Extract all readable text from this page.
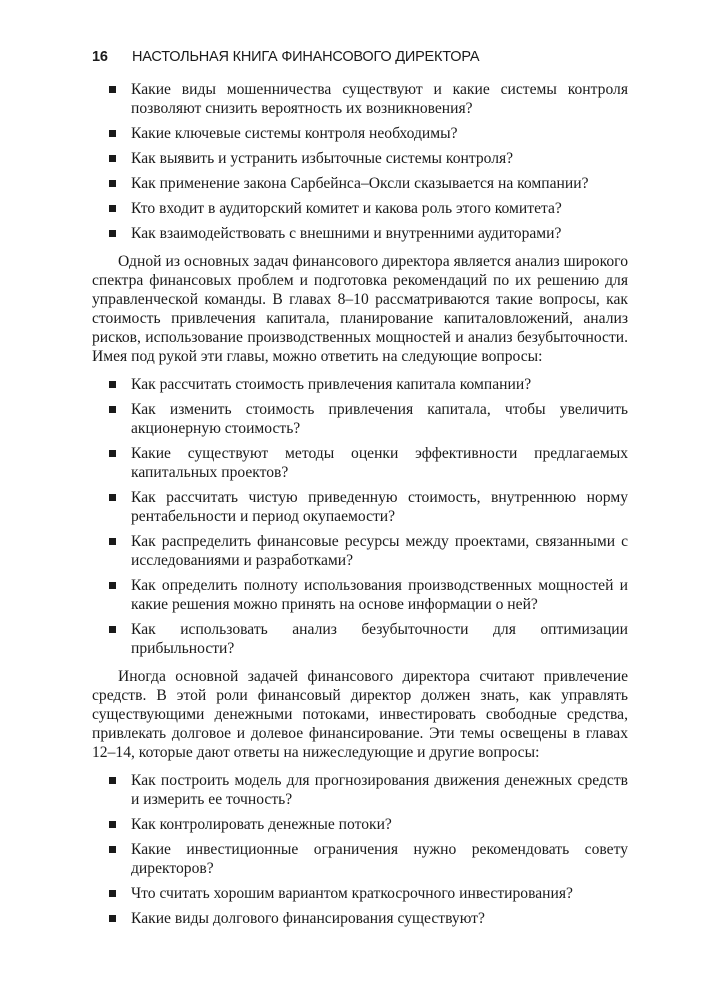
16 НАСТОЛЬНАЯ КНИГА ФИНАНСОВОГО ДИРЕКТОРА
Какие виды мошенничества существуют и какие системы контроля позволяют снизить вероятность их возникновения?
Какие ключевые системы контроля необходимы?
Как выявить и устранить избыточные системы контроля?
Как применение закона Сарбейнса–Оксли сказывается на компании?
Кто входит в аудиторский комитет и какова роль этого комитета?
Как взаимодействовать с внешними и внутренними аудиторами?

Одной из основных задач финансового директора является анализ широкого спектра финансовых проблем и подготовка рекомендаций по их решению для управленческой команды. В главах 8–10 рассматриваются такие вопросы, как стоимость привлечения капитала, планирование капиталовложений, анализ рисков, использование производственных мощностей и анализ безубыточности. Имея под рукой эти главы, можно ответить на следующие вопросы:

Как рассчитать стоимость привлечения капитала компании?
Как изменить стоимость привлечения капитала, чтобы увеличить акционерную стоимость?
Какие существуют методы оценки эффективности предлагаемых капитальных проектов?
Как рассчитать чистую приведенную стоимость, внутреннюю норму рентабельности и период окупаемости?
Как распределить финансовые ресурсы между проектами, связанными с исследованиями и разработками?
Как определить полноту использования производственных мощностей и какие решения можно принять на основе информации о ней?
Как использовать анализ безубыточности для оптимизации прибыльности?

Иногда основной задачей финансового директора считают привлечение средств. В этой роли финансовый директор должен знать, как управлять существующими денежными потоками, инвестировать свободные средства, привлекать долговое и долевое финансирование. Эти темы освещены в главах 12–14, которые дают ответы на нижеследующие и другие вопросы:

Как построить модель для прогнозирования движения денежных средств и измерить ее точность?
Как контролировать денежные потоки?
Какие инвестиционные ограничения нужно рекомендовать совету директоров?
Что считать хорошим вариантом краткосрочного инвестирования?
Какие виды долгового финансирования существуют?
